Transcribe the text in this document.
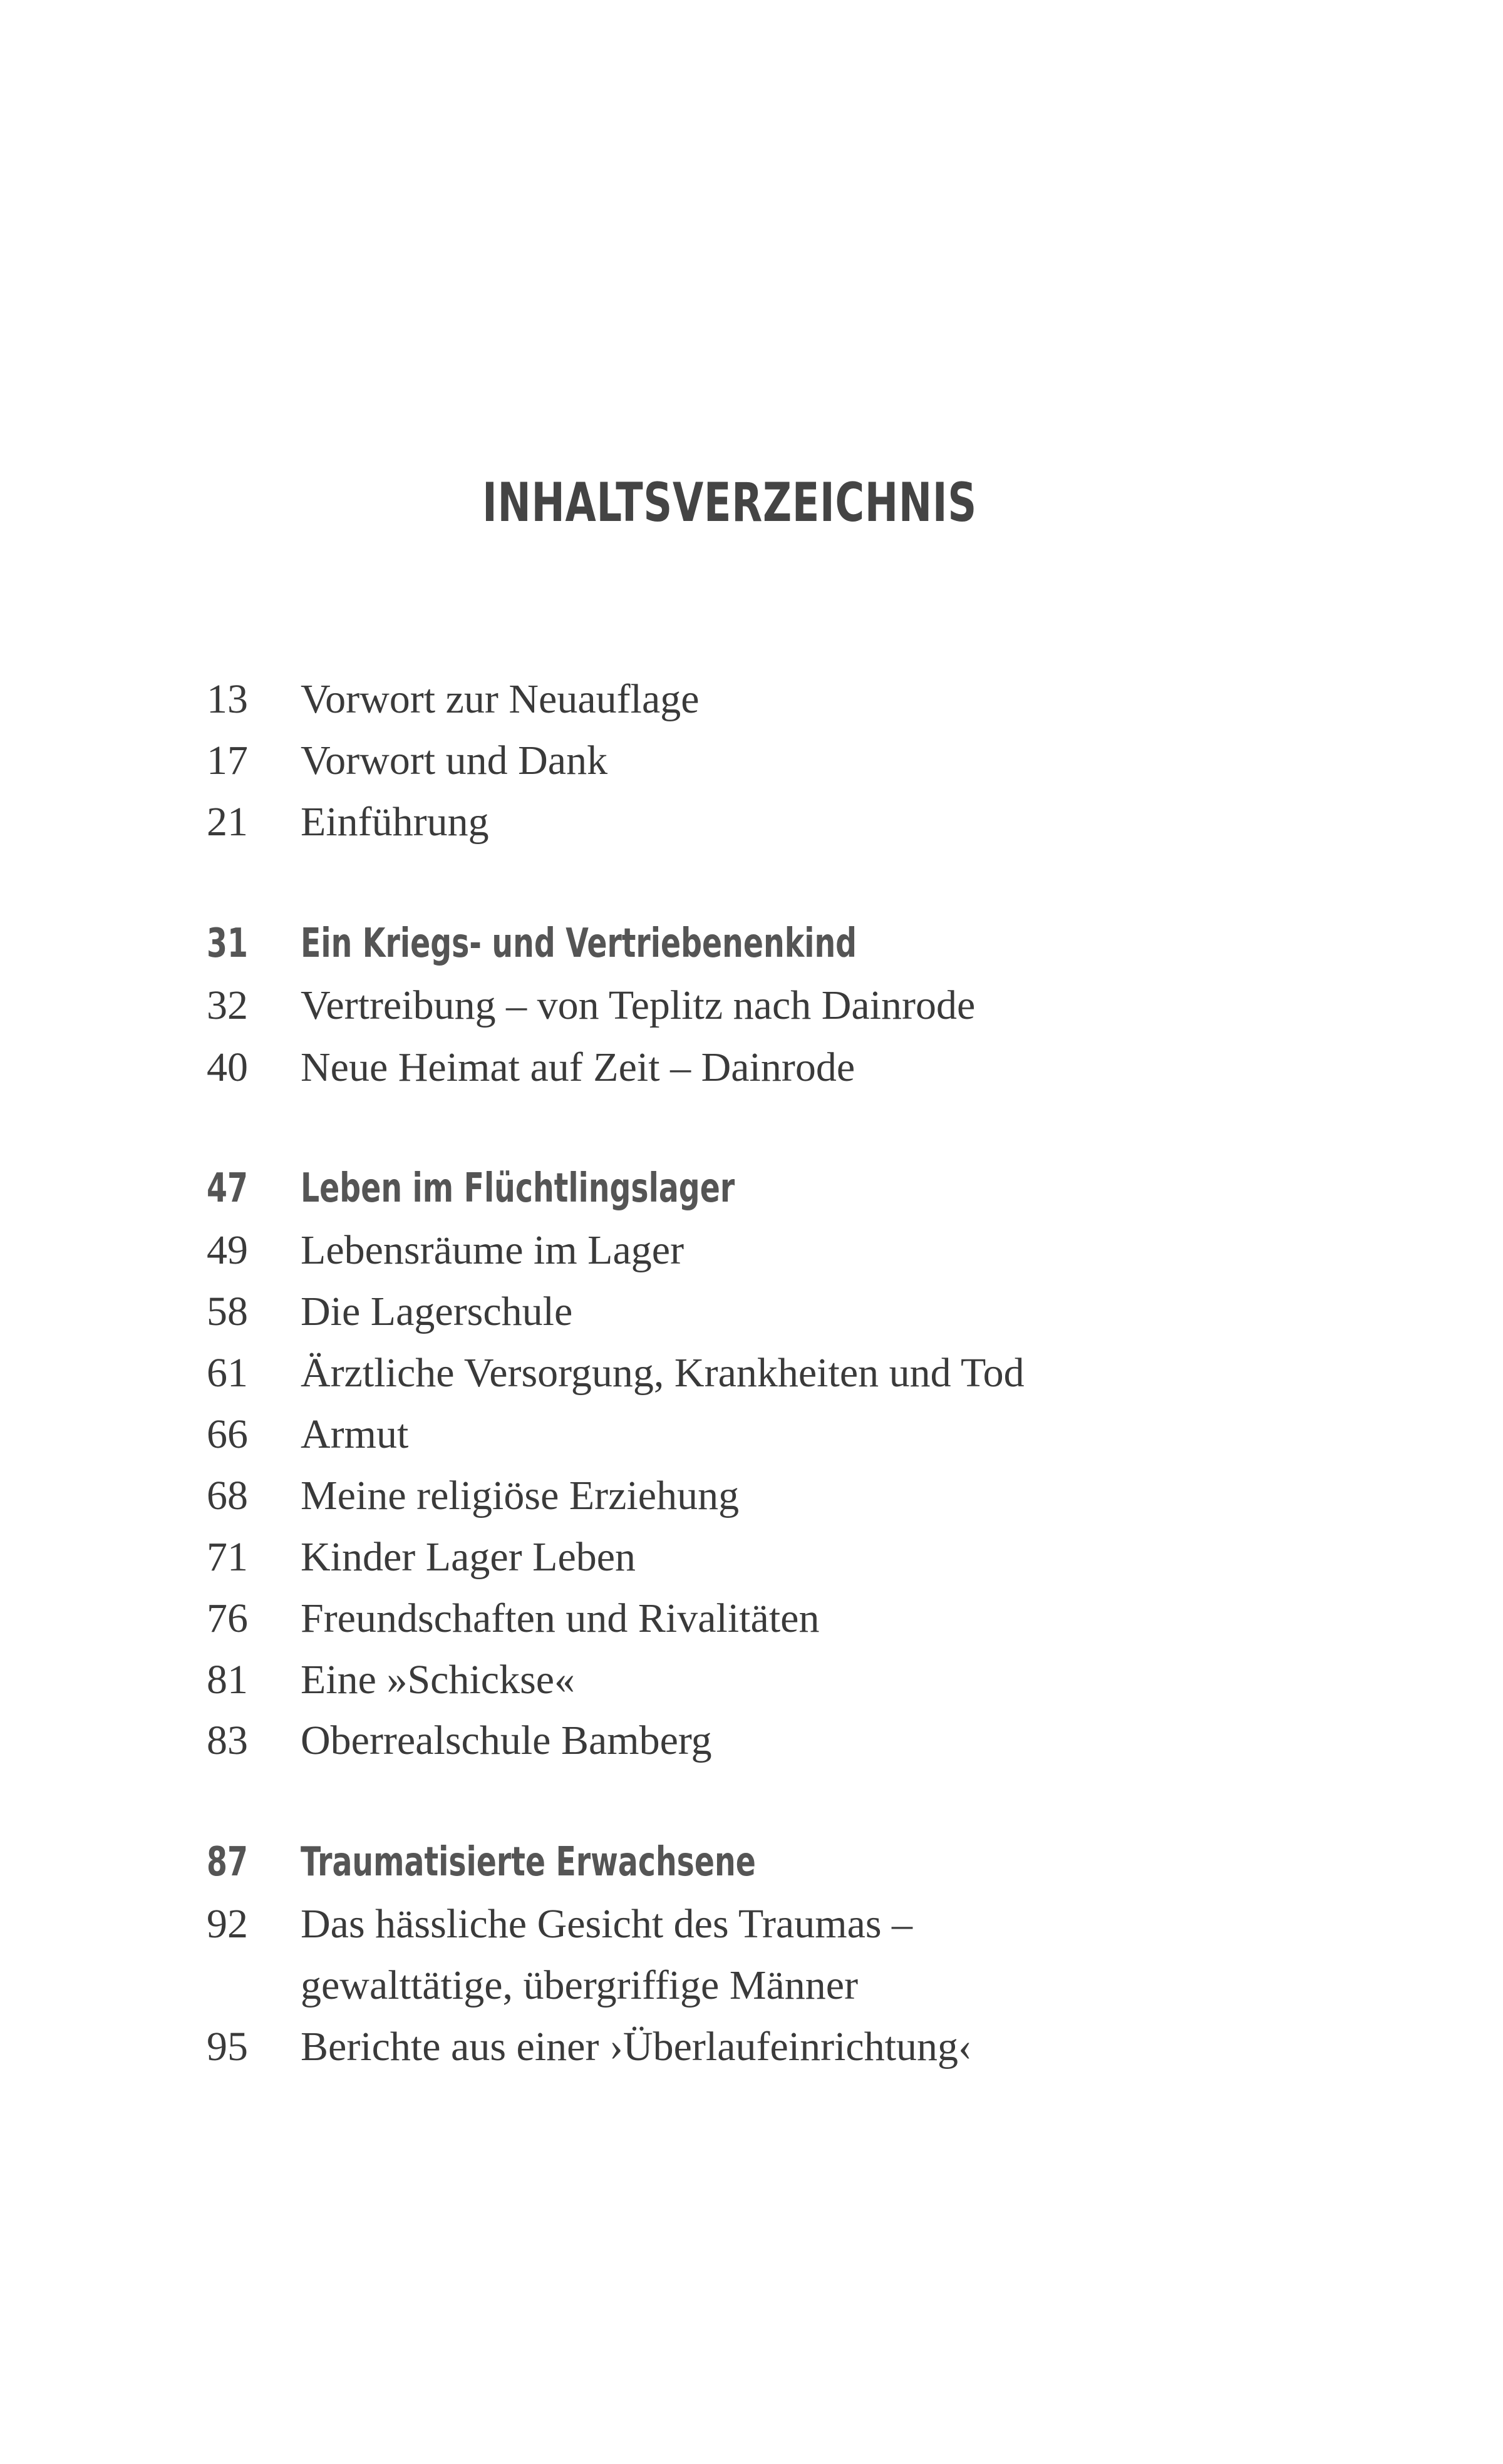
INHALTSVERZEICHNIS
13 Vorwort zur Neuauflage
17 Vorwort und Dank
21 Einführung
31 Ein Kriegs- und Vertriebenenkind
32 Vertreibung – von Teplitz nach Dainrode
40 Neue Heimat auf Zeit – Dainrode
47 Leben im Flüchtlingslager
49 Lebensräume im Lager
58 Die Lagerschule
61 Ärztliche Versorgung, Krankheiten und Tod
66 Armut
68 Meine religiöse Erziehung
71 Kinder Lager Leben
76 Freundschaften und Rivalitäten
81 Eine »Schickse«
83 Oberrealschule Bamberg
87 Traumatisierte Erwachsene
92 Das hässliche Gesicht des Traumas –
gewalttätige, übergriffige Männer
95 Berichte aus einer ›Überlaufeinrichtung‹
